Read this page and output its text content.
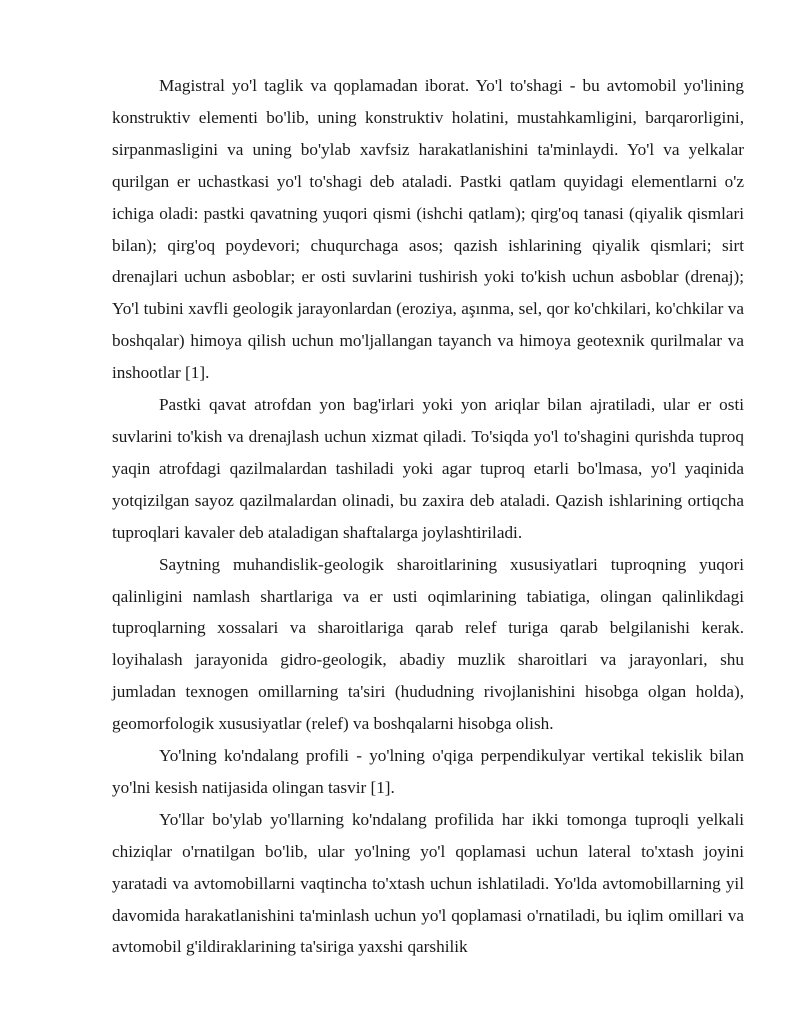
Magistral yo'l taglik va qoplamadan iborat. Yo'l to'shagi - bu avtomobil yo'lining konstruktiv elementi bo'lib, uning konstruktiv holatini, mustahkamligini, barqarorligini, sirpanmasligini va uning bo'ylab xavfsiz harakatlanishini ta'minlaydi. Yo'l va yelkalar qurilgan er uchastkasi yo'l to'shagi deb ataladi. Pastki qatlam quyidagi elementlarni o'z ichiga oladi: pastki qavatning yuqori qismi (ishchi qatlam); qirg'oq tanasi (qiyalik qismlari bilan); qirg'oq poydevori; chuqurchaga asos; qazish ishlarining qiyalik qismlari; sirt drenajlari uchun asboblar; er osti suvlarini tushirish yoki to'kish uchun asboblar (drenaj); Yo'l tubini xavfli geologik jarayonlardan (eroziya, aşınma, sel, qor ko'chkilari, ko'chkilar va boshqalar) himoya qilish uchun mo'ljallangan tayanch va himoya geotexnik qurilmalar va inshootlar [1].

Pastki qavat atrofdan yon bag'irlari yoki yon ariqlar bilan ajratiladi, ular er osti suvlarini to'kish va drenajlash uchun xizmat qiladi. To'siqda yo'l to'shagini qurishda tuproq yaqin atrofdagi qazilmalardan tashiladi yoki agar tuproq etarli bo'lmasa, yo'l yaqinida yotqizilgan sayoz qazilmalardan olinadi, bu zaxira deb ataladi. Qazish ishlarining ortiqcha tuproqlari kavaler deb ataladigan shaftalarga joylashtiriladi.

Saytning muhandislik-geologik sharoitlarining xususiyatlari tuproqning yuqori qalinligini namlash shartlariga va er usti oqimlarining tabiatiga, olingan qalinlikdagi tuproqlarning xossalari va sharoitlariga qarab relef turiga qarab belgilanishi kerak. loyihalash jarayonida gidro-geologik, abadiy muzlik sharoitlari va jarayonlari, shu jumladan texnogen omillarning ta'siri (hududning rivojlanishini hisobga olgan holda), geomorfologik xususiyatlar (relef) va boshqalarni hisobga olish.

Yo'lning ko'ndalang profili - yo'lning o'qiga perpendikulyar vertikal tekislik bilan yo'lni kesish natijasida olingan tasvir [1].

Yo'llar bo'ylab yo'llarning ko'ndalang profilida har ikki tomonga tuproqli yelkali chiziqlar o'rnatilgan bo'lib, ular yo'lning yo'l qoplamasi uchun lateral to'xtash joyini yaratadi va avtomobillarni vaqtincha to'xtash uchun ishlatiladi. Yo'lda avtomobillarning yil davomida harakatlanishini ta'minlash uchun yo'l qoplamasi o'rnatiladi, bu iqlim omillari va avtomobil g'ildiraklarining ta'siriga yaxshi qarshilik
